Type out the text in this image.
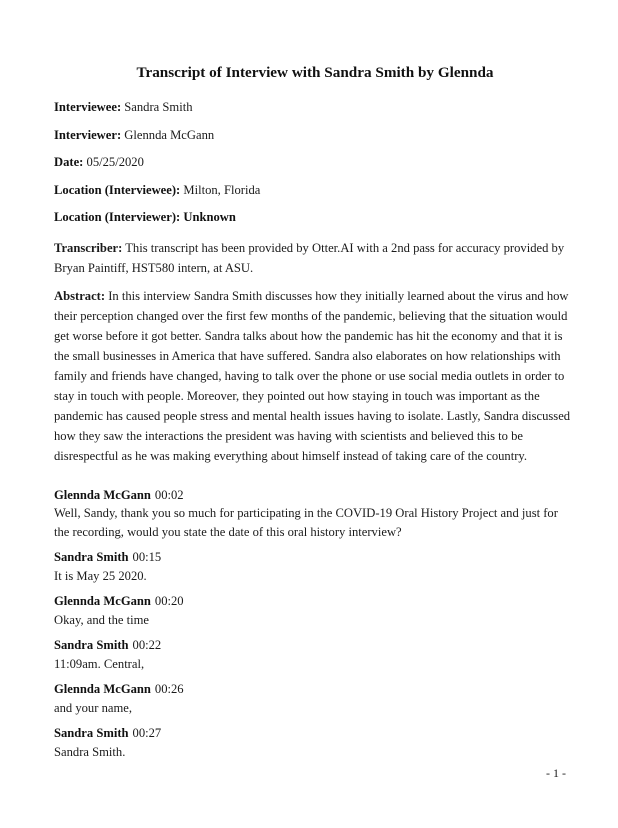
Transcript of Interview with Sandra Smith by Glennda
Interviewee: Sandra Smith
Interviewer: Glennda McGann
Date: 05/25/2020
Location (Interviewee): Milton, Florida
Location (Interviewer): Unknown
Transcriber: This transcript has been provided by Otter.AI with a 2nd pass for accuracy provided by Bryan Paintiff, HST580 intern, at ASU.
Abstract: In this interview Sandra Smith discusses how they initially learned about the virus and how their perception changed over the first few months of the pandemic, believing that the situation would get worse before it got better. Sandra talks about how the pandemic has hit the economy and that it is the small businesses in America that have suffered. Sandra also elaborates on how relationships with family and friends have changed, having to talk over the phone or use social media outlets in order to stay in touch with people. Moreover, they pointed out how staying in touch was important as the pandemic has caused people stress and mental health issues having to isolate. Lastly, Sandra discussed how they saw the interactions the president was having with scientists and believed this to be disrespectful as he was making everything about himself instead of taking care of the country.
Glennda McGann 00:02
Well, Sandy, thank you so much for participating in the COVID-19 Oral History Project and just for the recording, would you state the date of this oral history interview?
Sandra Smith 00:15
It is May 25 2020.
Glennda McGann 00:20
Okay, and the time
Sandra Smith 00:22
11:09am. Central,
Glennda McGann 00:26
and your name,
Sandra Smith 00:27
Sandra Smith.
- 1 -
